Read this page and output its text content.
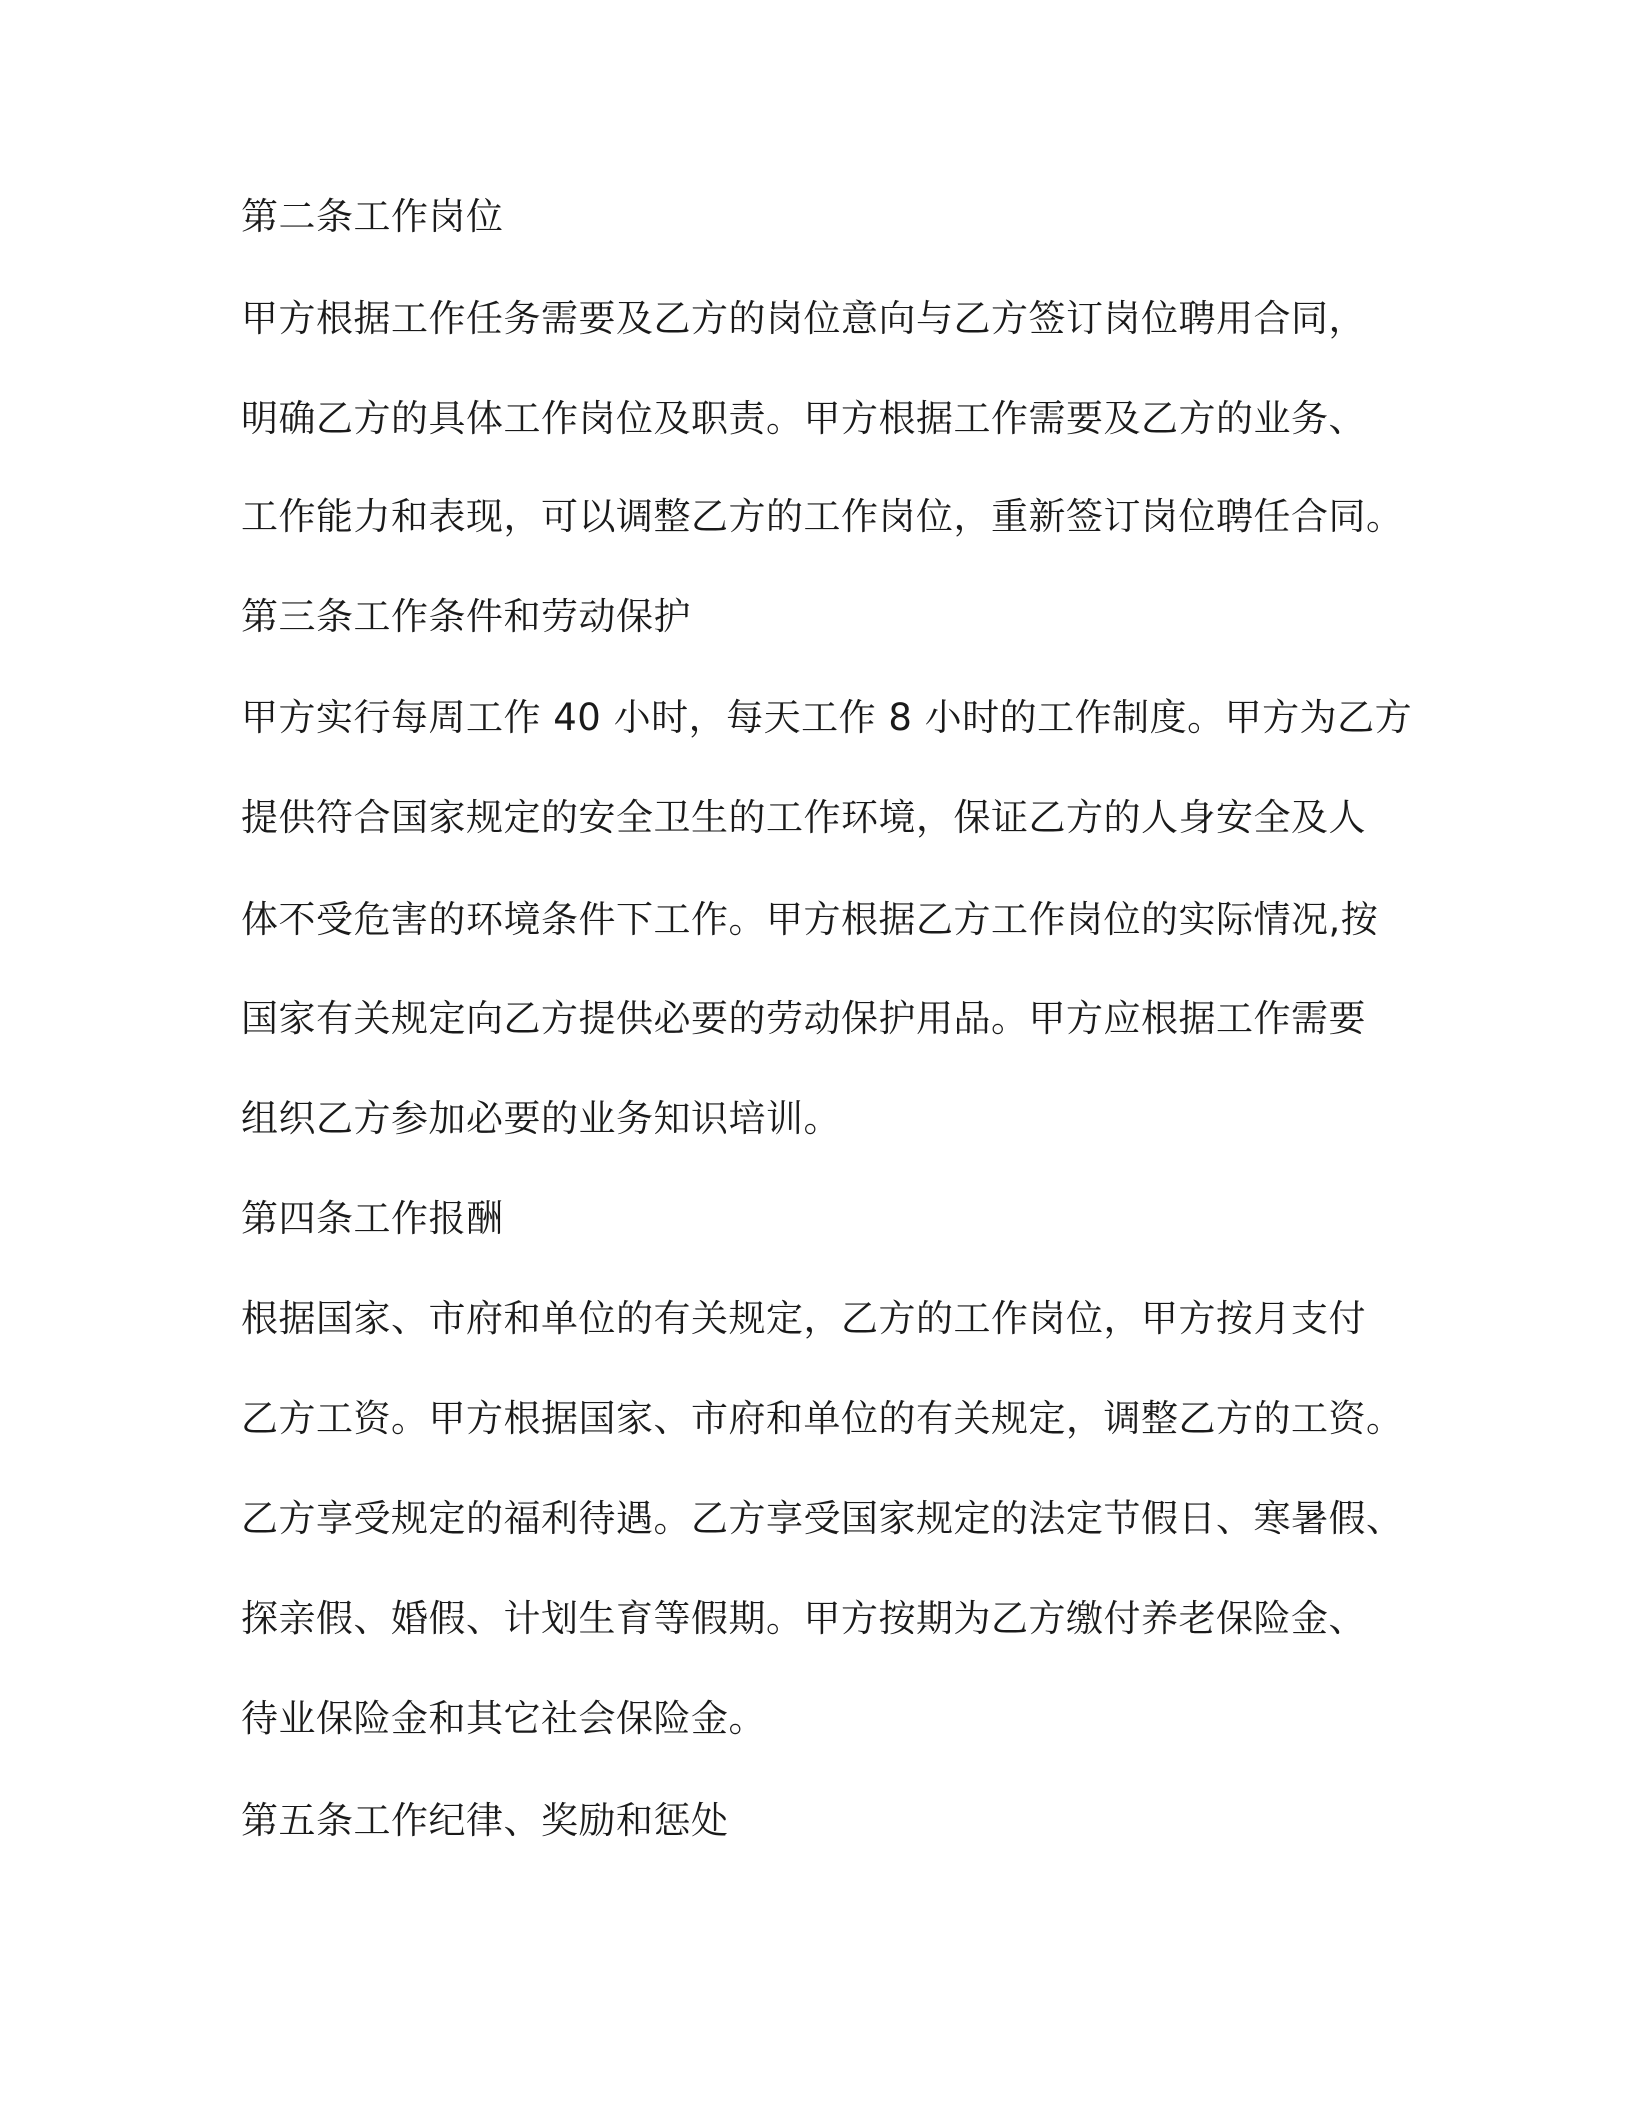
第二条工作岗位
甲方根据工作任务需要及乙方的岗位意向与乙方签订岗位聘用合同，
明确乙方的具体工作岗位及职责。甲方根据工作需要及乙方的业务、
工作能力和表现，可以调整乙方的工作岗位，重新签订岗位聘任合同。
第三条工作条件和劳动保护
甲方实行每周工作 40 小时，每天工作 8 小时的工作制度。甲方为乙方
提供符合国家规定的安全卫生的工作环境，保证乙方的人身安全及人
体不受危害的环境条件下工作。甲方根据乙方工作岗位的实际情况,按
国家有关规定向乙方提供必要的劳动保护用品。甲方应根据工作需要
组织乙方参加必要的业务知识培训。
第四条工作报酬
根据国家、市府和单位的有关规定，乙方的工作岗位，甲方按月支付
乙方工资。甲方根据国家、市府和单位的有关规定，调整乙方的工资。
乙方享受规定的福利待遇。乙方享受国家规定的法定节假日、寒暑假、
探亲假、婚假、计划生育等假期。甲方按期为乙方缴付养老保险金、
待业保险金和其它社会保险金。
第五条工作纪律、奖励和惩处
